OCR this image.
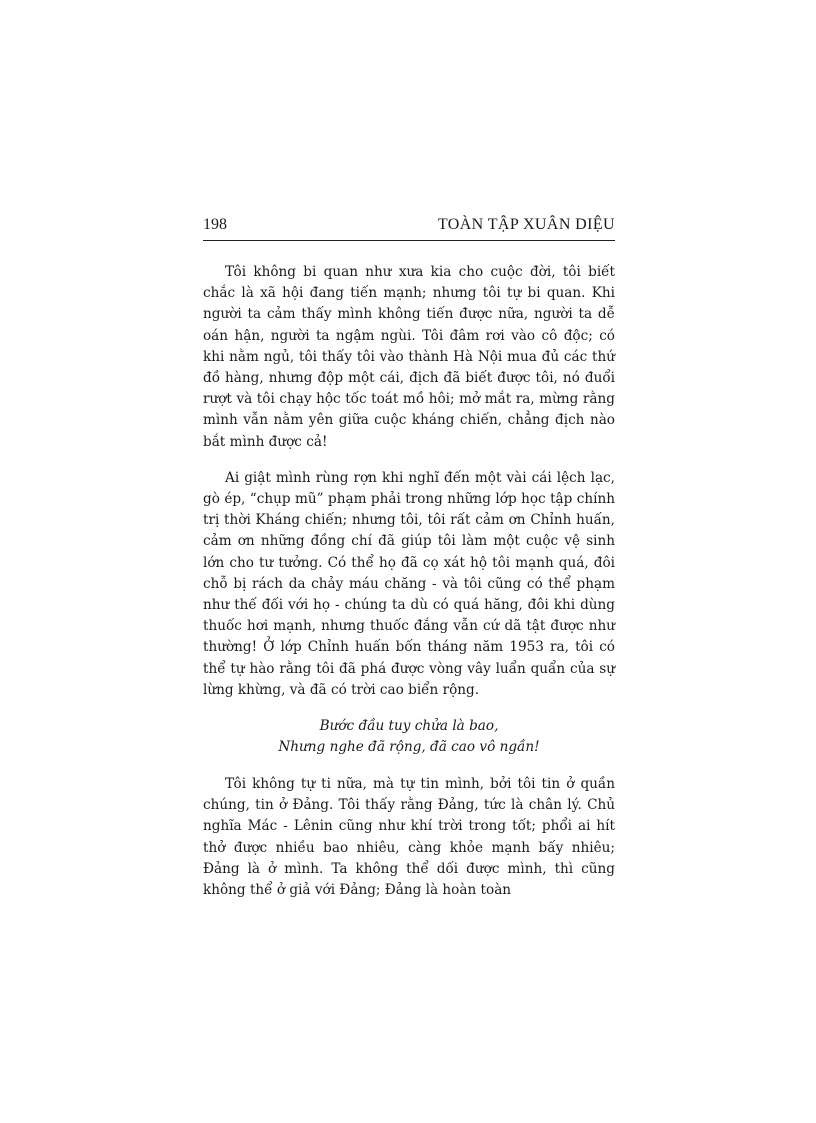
198	TOÀN TẬP XUÂN DIỆU

Tôi không bi quan như xưa kia cho cuộc đời, tôi biết chắc là xã hội đang tiến mạnh; nhưng tôi tự bi quan. Khi người ta cảm thấy mình không tiến được nữa, người ta dễ oán hận, người ta ngậm ngùi. Tôi đâm rơi vào cô độc; có khi nằm ngủ, tôi thấy tôi vào thành Hà Nội mua đủ các thứ đồ hàng, nhưng độp một cái, địch đã biết được tôi, nó đuổi rượt và tôi chạy hộc tốc toát mồ hôi; mở mắt ra, mừng rằng mình vẫn nằm yên giữa cuộc kháng chiến, chẳng địch nào bắt mình được cả!

Ai giật mình rùng rợn khi nghĩ đến một vài cái lệch lạc, gò ép, “chụp mũ” phạm phải trong những lớp học tập chính trị thời Kháng chiến; nhưng tôi, tôi rất cảm ơn Chỉnh huấn, cảm ơn những đồng chí đã giúp tôi làm một cuộc vệ sinh lớn cho tư tưởng. Có thể họ đã cọ xát hộ tôi mạnh quá, đôi chỗ bị rách da chảy máu chăng - và tôi cũng có thể phạm như thế đối với họ - chúng ta dù có quá hăng, đôi khi dùng thuốc hơi mạnh, nhưng thuốc đắng vẫn cứ dã tật được như thường! Ở lớp Chỉnh huấn bốn tháng năm 1953 ra, tôi có thể tự hào rằng tôi đã phá được vòng vây luẩn quẩn của sự lừng khừng, và đã có trời cao biển rộng.

Bước đầu tuy chửa là bao,
Nhưng nghe đã rộng, đã cao vô ngần!

Tôi không tự ti nữa, mà tự tin mình, bởi tôi tin ở quần chúng, tin ở Đảng. Tôi thấy rằng Đảng, tức là chân lý. Chủ nghĩa Mác - Lênin cũng như khí trời trong tốt; phổi ai hít thở được nhiều bao nhiêu, càng khỏe mạnh bấy nhiêu; Đảng là ở mình. Ta không thể dối được mình, thì cũng không thể ở giả với Đảng; Đảng là hoàn toàn
